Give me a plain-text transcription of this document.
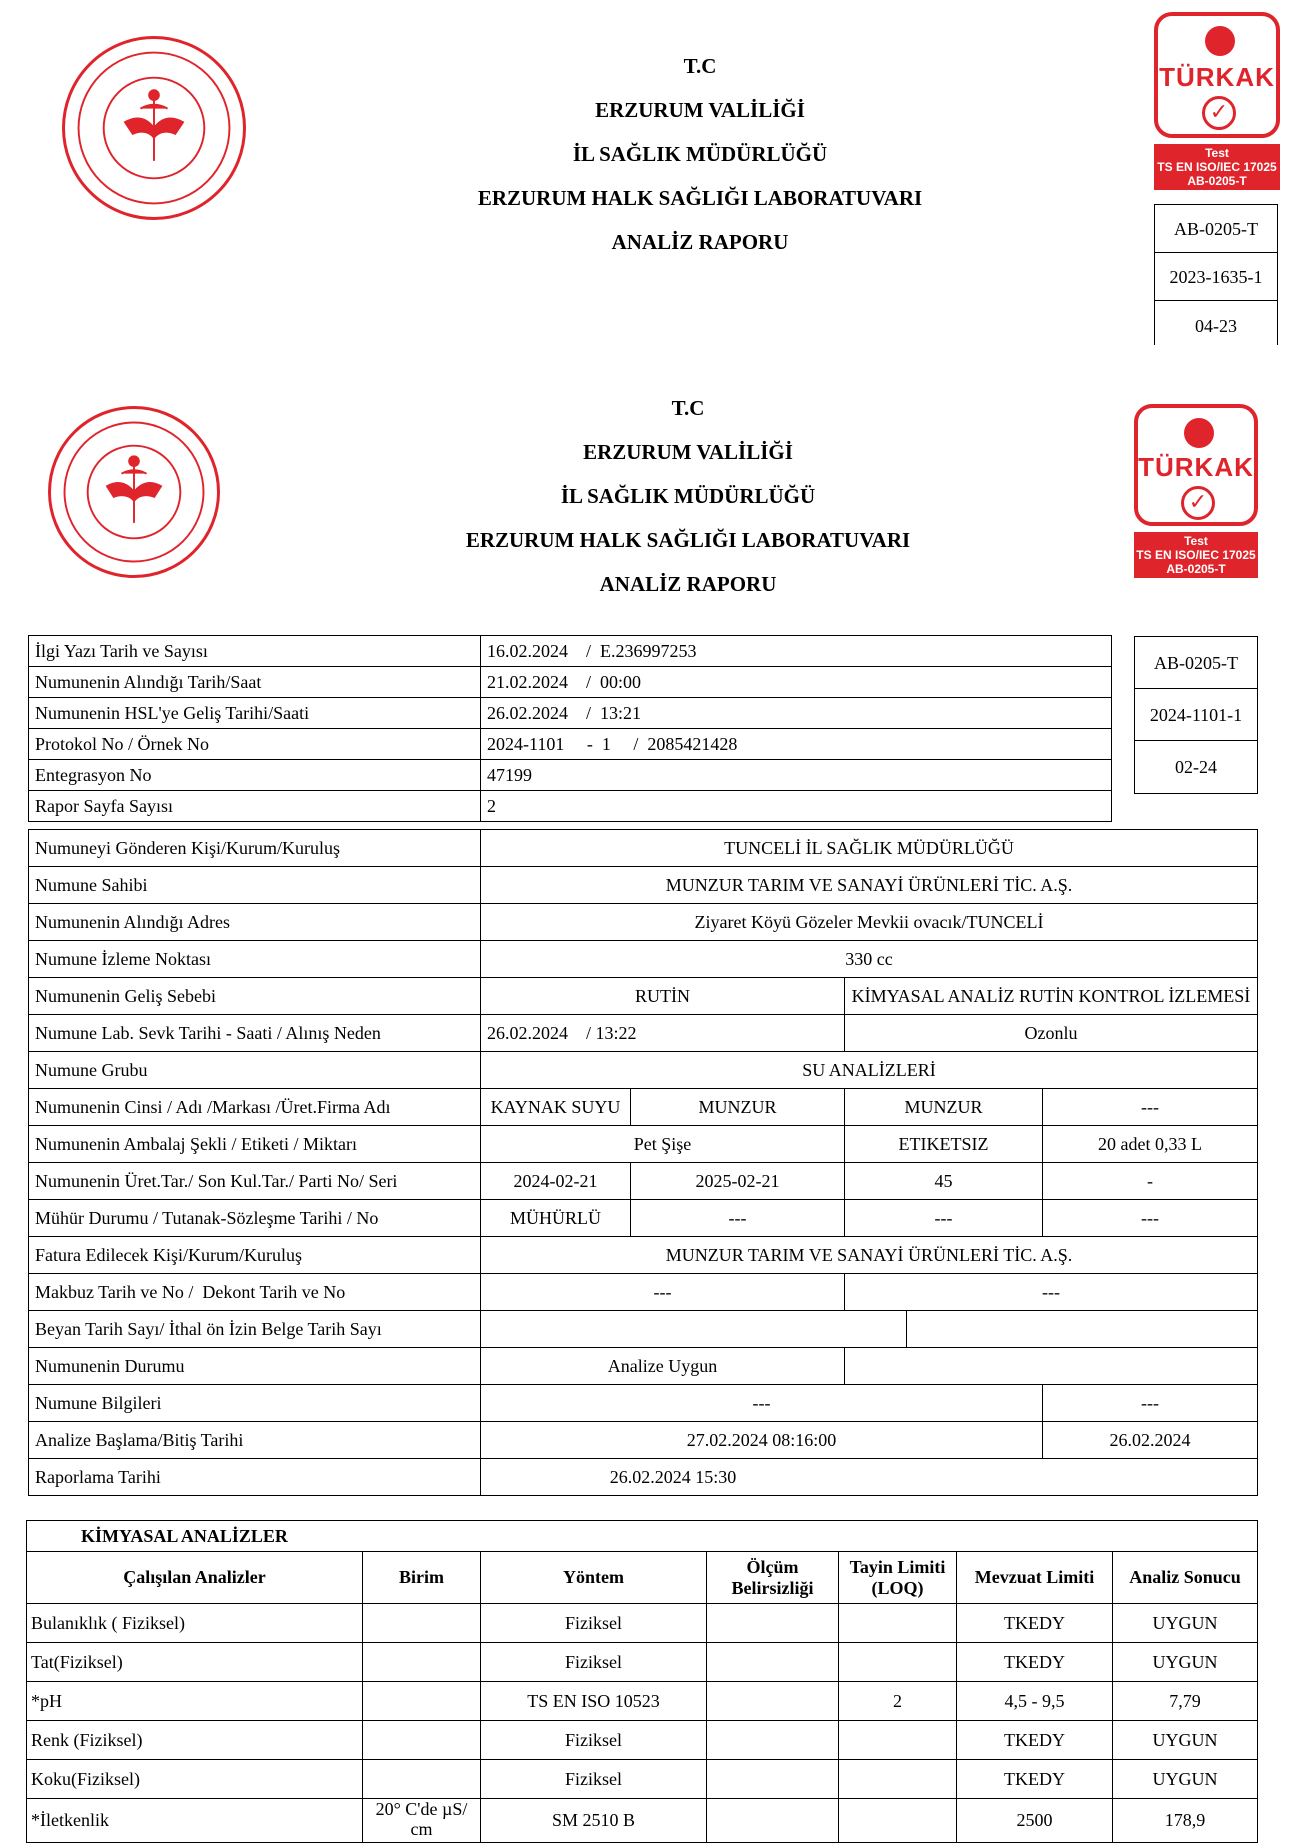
T.C
ERZURUM VALİLİĞİ
İL SAĞLIK MÜDÜRLÜĞÜ
ERZURUM HALK SAĞLIĞI LABORATUVARI
ANALİZ RAPORU
TÜRKAK
✓
Test
TS EN ISO/IEC 17025
AB-0205-T
AB-0205-T
2023-1635-1
04-23
T.C
ERZURUM VALİLİĞİ
İL SAĞLIK MÜDÜRLÜĞÜ
ERZURUM HALK SAĞLIĞI LABORATUVARI
ANALİZ RAPORU
TÜRKAK
✓
Test
TS EN ISO/IEC 17025
AB-0205-T
İlgi Yazı Tarih ve Sayısı	16.02.2024    /  E.236997253
Numunenin Alındığı Tarih/Saat	21.02.2024    /  00:00
Numunenin HSL'ye Geliş Tarihi/Saati	26.02.2024    /  13:21
Protokol No / Örnek No	2024-1101     -  1     /  2085421428
Entegrasyon No	47199
Rapor Sayfa Sayısı	2
AB-0205-T
2024-1101-1
02-24
Numuneyi Gönderen Kişi/Kurum/Kuruluş	TUNCELİ İL SAĞLIK MÜDÜRLÜĞÜ				
Numune Sahibi	MUNZUR TARIM VE SANAYİ ÜRÜNLERİ TİC. A.Ş.				
Numunenin Alındığı Adres	Ziyaret Köyü Gözeler Mevkii ovacık/TUNCELİ				
Numune İzleme Noktası	330 cc				
Numunenin Geliş Sebebi	RUTİN		KİMYASAL ANALİZ RUTİN KONTROL İZLEMESİ		
Numune Lab. Sevk Tarihi - Saati / Alınış Neden	26.02.2024    / 13:22		Ozonlu		
Numune Grubu	SU ANALİZLERİ				
Numunenin Cinsi / Adı /Markası /Üret.Firma Adı	KAYNAK SUYU	MUNZUR	MUNZUR		---
Numunenin Ambalaj Şekli / Etiketi / Miktarı	Pet Şişe		ETIKETSIZ		20 adet 0,33 L
Numunenin Üret.Tar./ Son Kul.Tar./ Parti No/ Seri	2024-02-21	2025-02-21	45		-
Mühür Durumu / Tutanak-Sözleşme Tarihi / No	MÜHÜRLÜ	---	---		---
Fatura Edilecek Kişi/Kurum/Kuruluş	MUNZUR TARIM VE SANAYİ ÜRÜNLERİ TİC. A.Ş.				
Makbuz Tarih ve No /  Dekont Tarih ve No	---		---		
Beyan Tarih Sayı/ İthal ön İzin Belge Tarih Sayı					
Numunenin Durumu	Analize Uygun				
Numune Bilgileri	---				---
Analize Başlama/Bitiş Tarihi	27.02.2024 08:16:00				26.02.2024
Raporlama Tarihi	26.02.2024 15:30				
KİMYASAL ANALİZLER						
Çalışılan Analizler	Birim	Yöntem	Ölçüm Belirsizliği	Tayin Limiti (LOQ)	Mevzuat Limiti	Analiz Sonucu
Bulanıklık ( Fiziksel)		Fiziksel			TKEDY	UYGUN
Tat(Fiziksel)		Fiziksel			TKEDY	UYGUN
*pH		TS EN ISO 10523		2	4,5 - 9,5	7,79
Renk (Fiziksel)		Fiziksel			TKEDY	UYGUN
Koku(Fiziksel)		Fiziksel			TKEDY	UYGUN
*İletkenlik	20° C'de µS/ cm	SM 2510 B			2500	178,9
